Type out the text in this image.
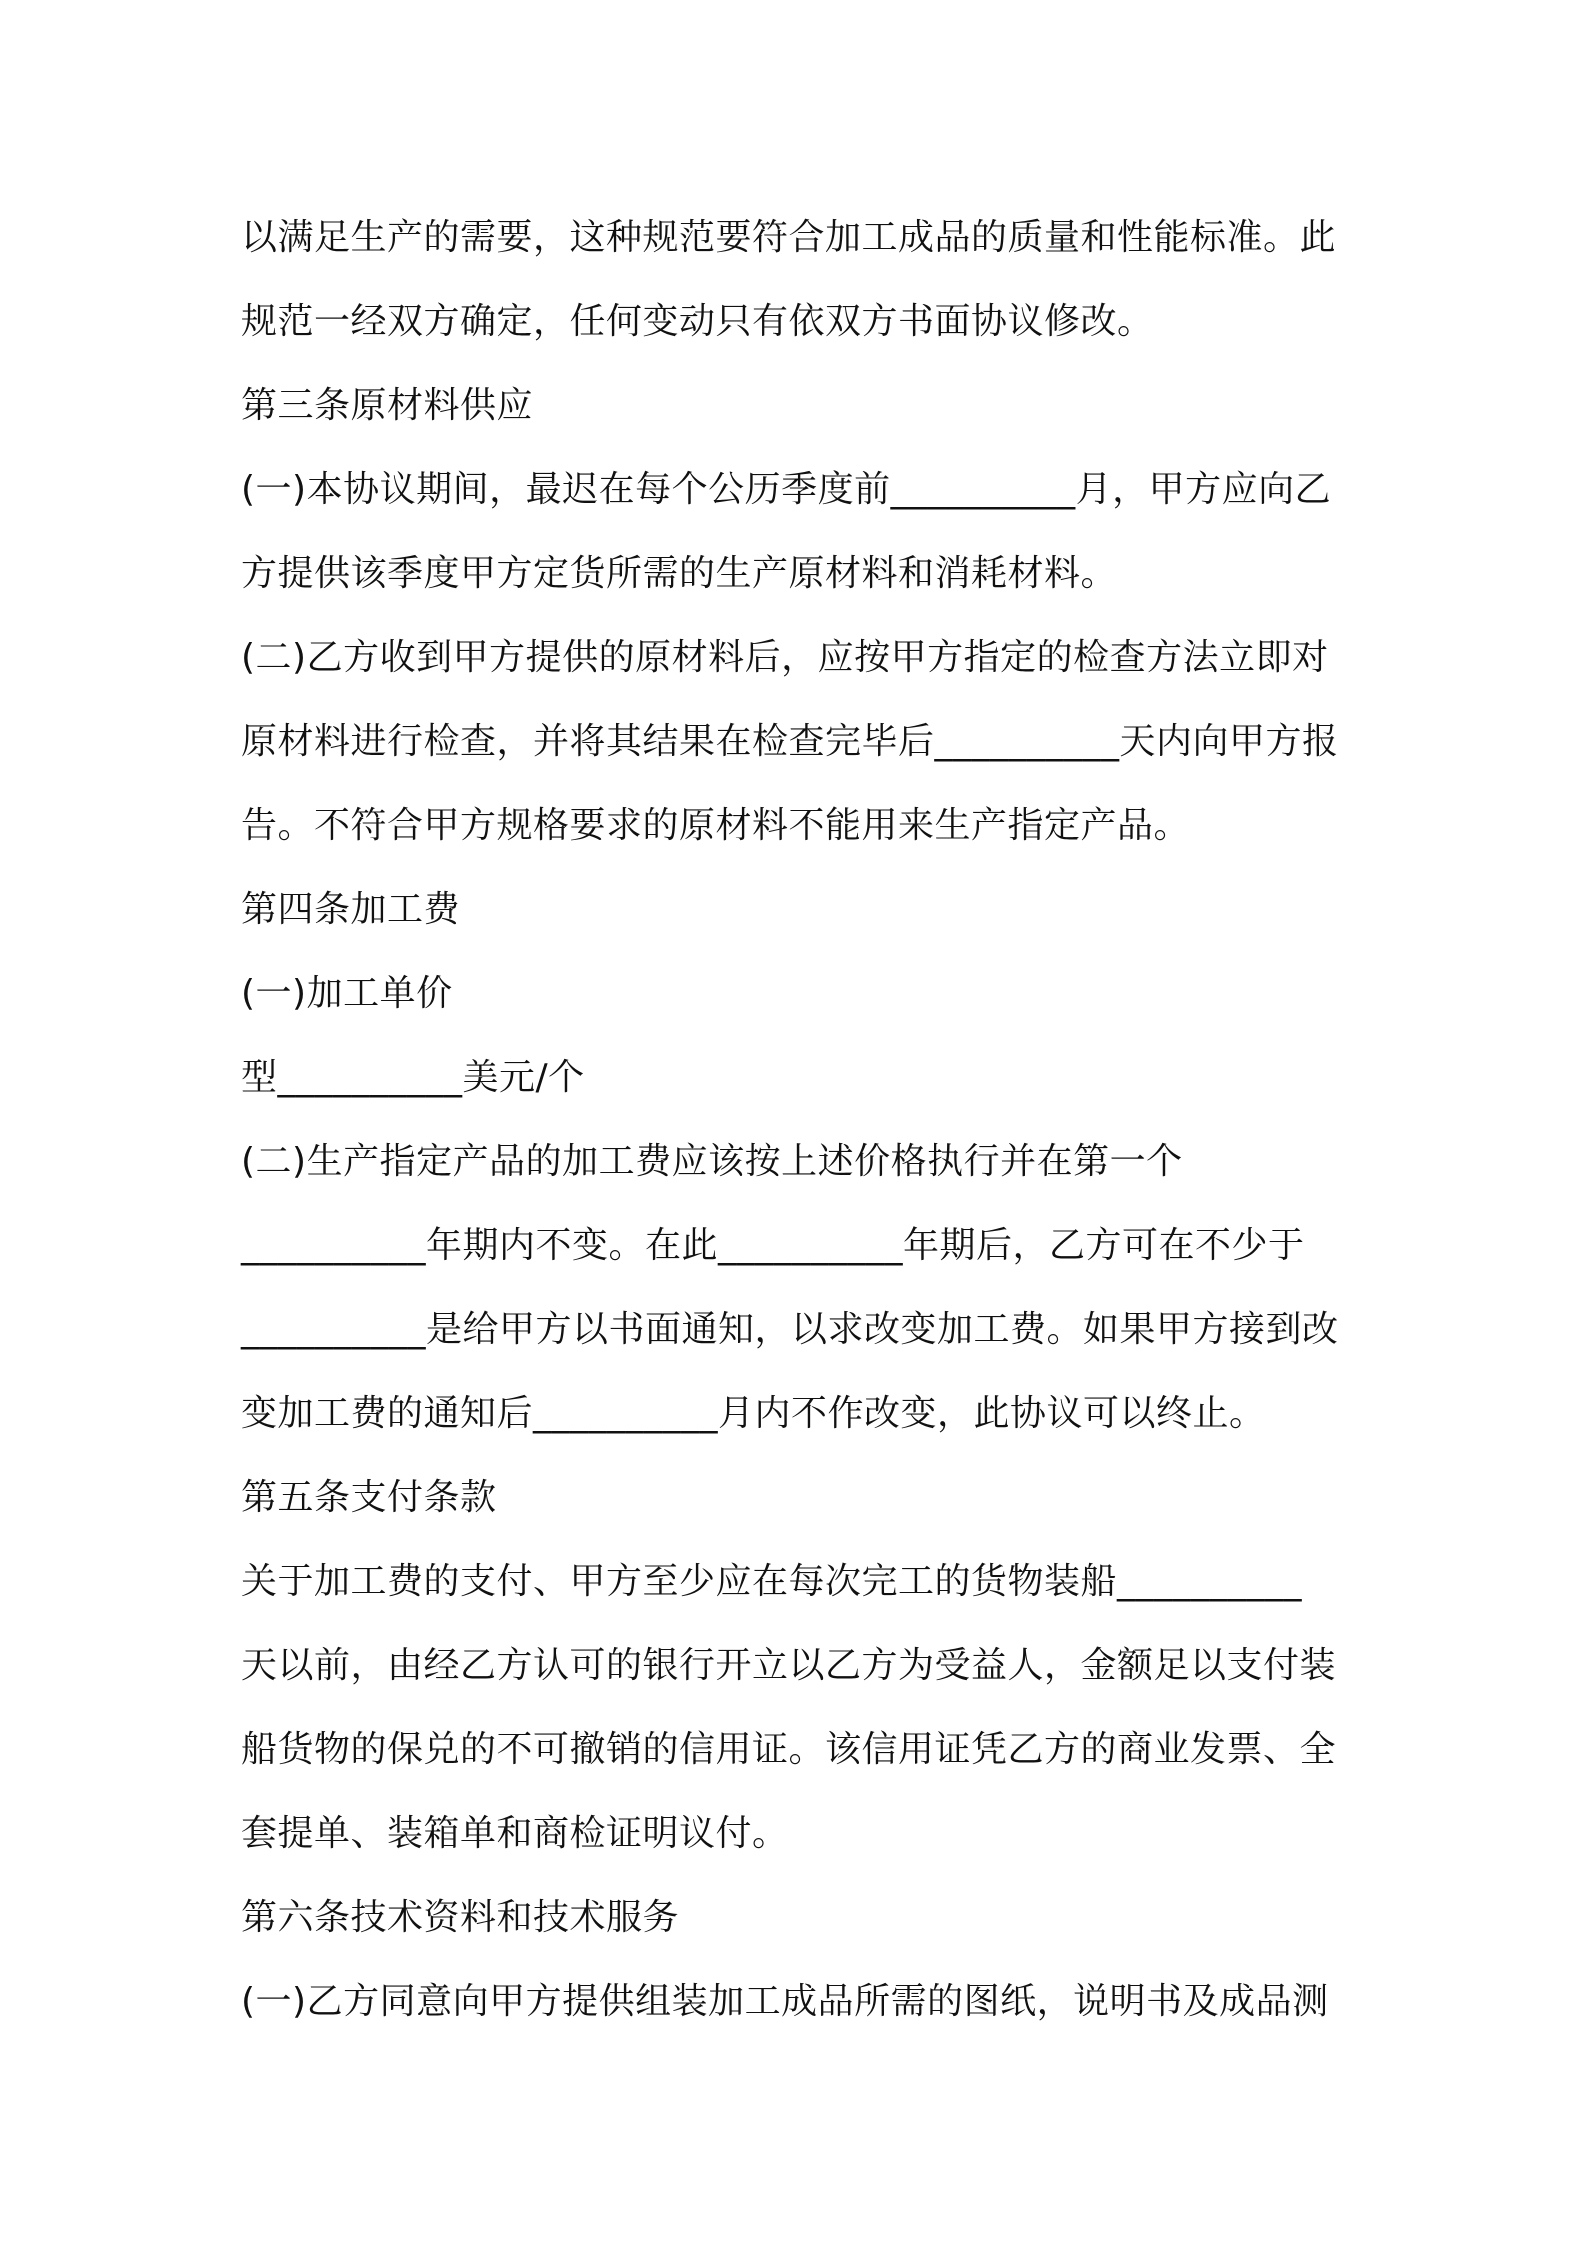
以满足生产的需要，这种规范要符合加工成品的质量和性能标准。此
规范一经双方确定，任何变动只有依双方书面协议修改。
第三条原材料供应
(一)本协议期间，最迟在每个公历季度前__________月，甲方应向乙
方提供该季度甲方定货所需的生产原材料和消耗材料。
(二)乙方收到甲方提供的原材料后，应按甲方指定的检查方法立即对
原材料进行检查，并将其结果在检查完毕后__________天内向甲方报
告。不符合甲方规格要求的原材料不能用来生产指定产品。
第四条加工费
(一)加工单价
型__________美元/个
(二)生产指定产品的加工费应该按上述价格执行并在第一个
__________年期内不变。在此__________年期后，乙方可在不少于
__________是给甲方以书面通知，以求改变加工费。如果甲方接到改
变加工费的通知后__________月内不作改变，此协议可以终止。
第五条支付条款
关于加工费的支付、甲方至少应在每次完工的货物装船__________
天以前，由经乙方认可的银行开立以乙方为受益人，金额足以支付装
船货物的保兑的不可撤销的信用证。该信用证凭乙方的商业发票、全
套提单、装箱单和商检证明议付。
第六条技术资料和技术服务
(一)乙方同意向甲方提供组装加工成品所需的图纸，说明书及成品测
